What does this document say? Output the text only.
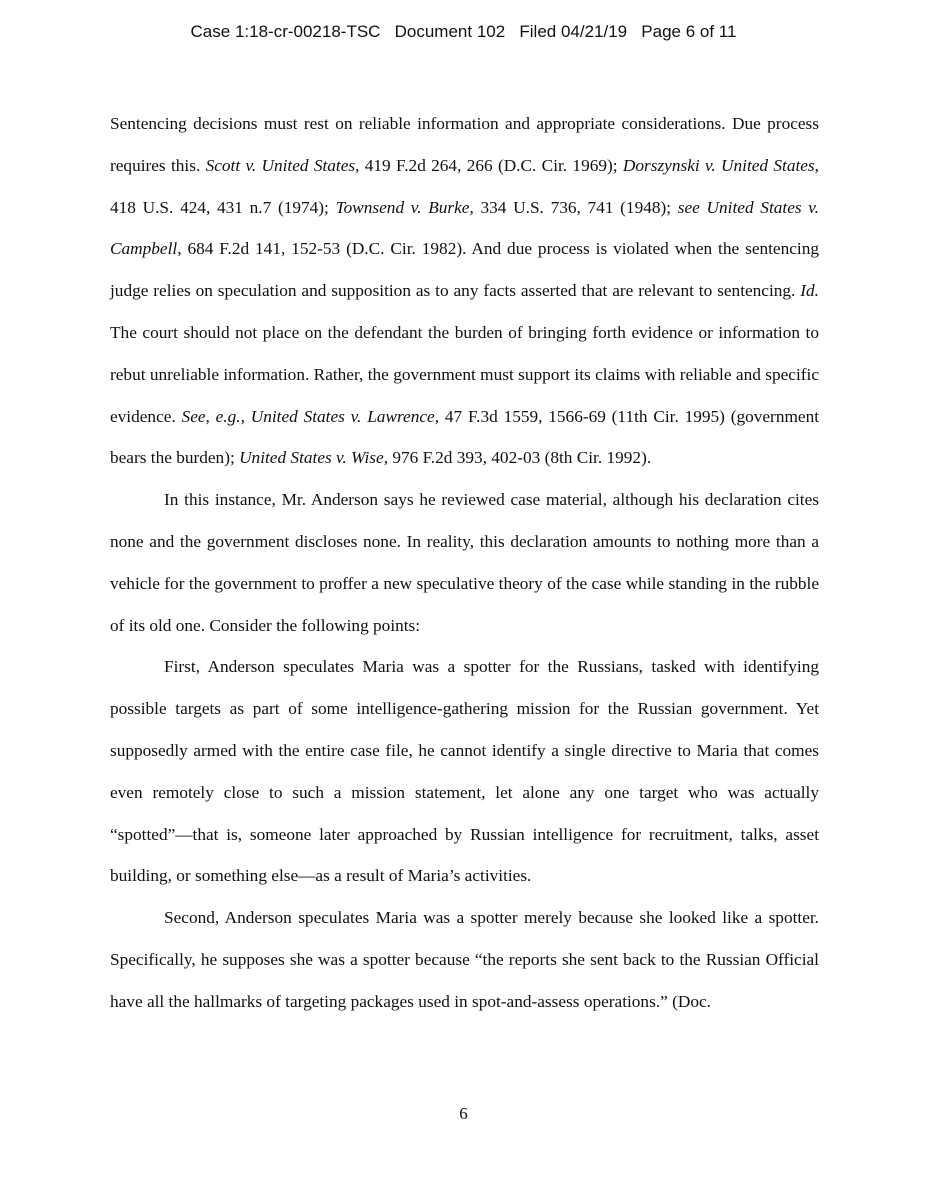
Case 1:18-cr-00218-TSC Document 102 Filed 04/21/19 Page 6 of 11

Sentencing decisions must rest on reliable information and appropriate considerations. Due process requires this. Scott v. United States, 419 F.2d 264, 266 (D.C. Cir. 1969); Dorszynski v. United States, 418 U.S. 424, 431 n.7 (1974); Townsend v. Burke, 334 U.S. 736, 741 (1948); see United States v. Campbell, 684 F.2d 141, 152-53 (D.C. Cir. 1982). And due process is violated when the sentencing judge relies on speculation and supposition as to any facts asserted that are relevant to sentencing. Id. The court should not place on the defendant the burden of bringing forth evidence or information to rebut unreliable information. Rather, the government must support its claims with reliable and specific evidence. See, e.g., United States v. Lawrence, 47 F.3d 1559, 1566-69 (11th Cir. 1995) (government bears the burden); United States v. Wise, 976 F.2d 393, 402-03 (8th Cir. 1992).

In this instance, Mr. Anderson says he reviewed case material, although his declaration cites none and the government discloses none. In reality, this declaration amounts to nothing more than a vehicle for the government to proffer a new speculative theory of the case while standing in the rubble of its old one. Consider the following points:

First, Anderson speculates Maria was a spotter for the Russians, tasked with identifying possible targets as part of some intelligence-gathering mission for the Russian government. Yet supposedly armed with the entire case file, he cannot identify a single directive to Maria that comes even remotely close to such a mission statement, let alone any one target who was actually “spotted”—that is, someone later approached by Russian intelligence for recruitment, talks, asset building, or something else—as a result of Maria’s activities.

Second, Anderson speculates Maria was a spotter merely because she looked like a spotter. Specifically, he supposes she was a spotter because “the reports she sent back to the Russian Official have all the hallmarks of targeting packages used in spot-and-assess operations.” (Doc.

6
